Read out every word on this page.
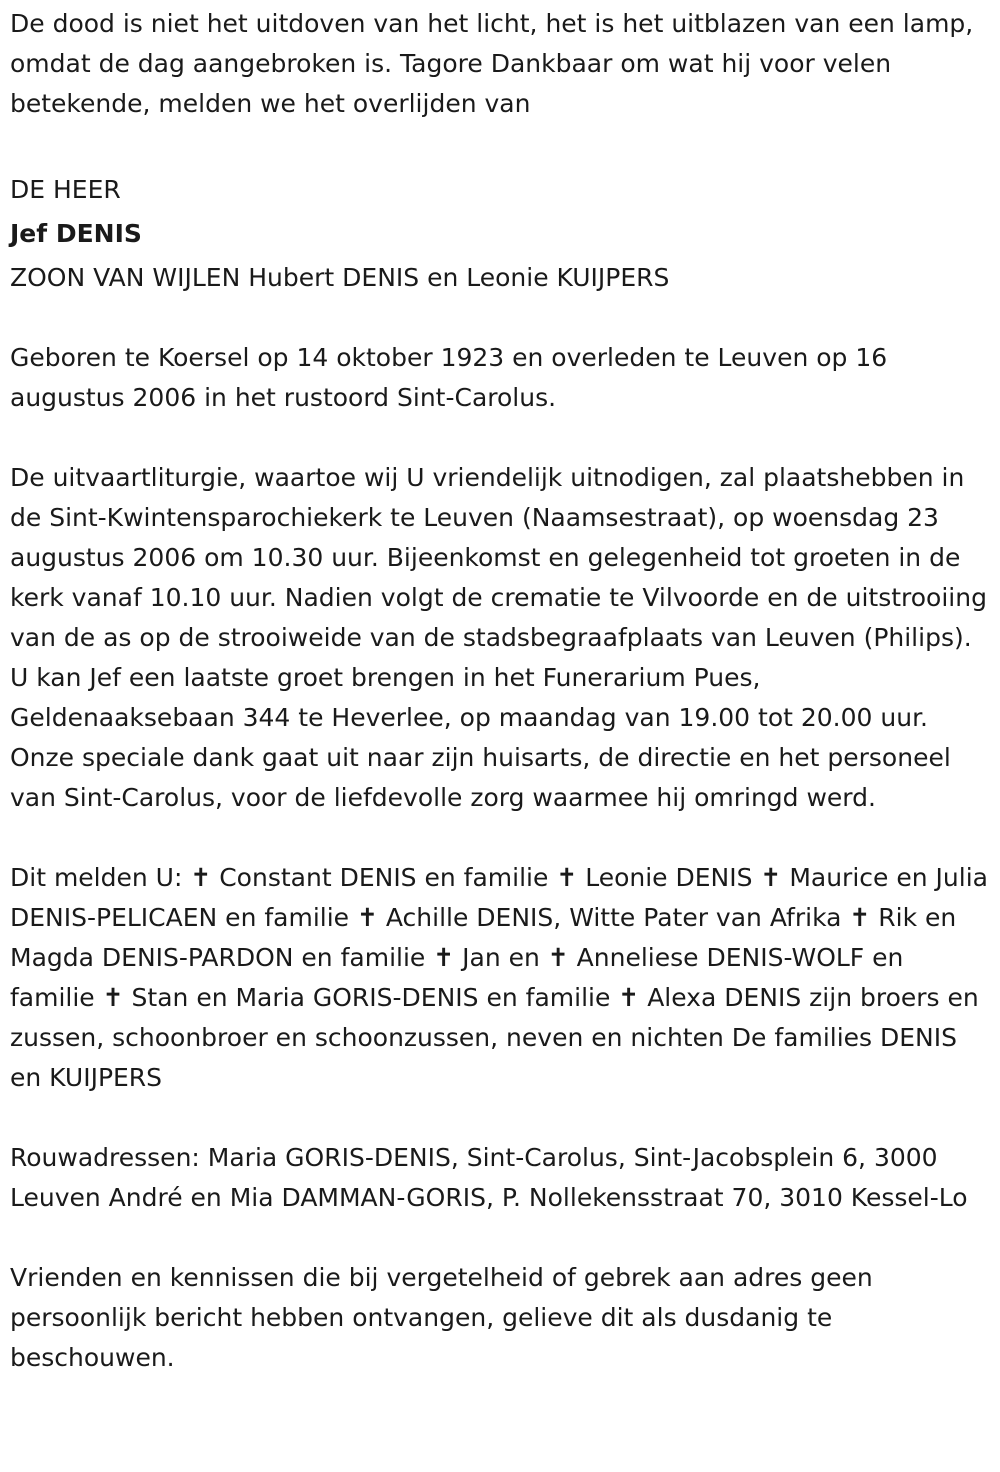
De dood is niet het uitdoven van het licht, het is het uitblazen van een lamp, omdat de dag aangebroken is. Tagore Dankbaar om wat hij voor velen betekende, melden we het overlijden van

DE HEER

Jef DENIS

ZOON VAN WIJLEN Hubert DENIS en Leonie KUIJPERS

Geboren te Koersel op 14 oktober 1923 en overleden te Leuven op 16 augustus 2006 in het rustoord Sint-Carolus.

De uitvaartliturgie, waartoe wij U vriendelijk uitnodigen, zal plaatshebben in de Sint-Kwintensparochiekerk te Leuven (Naamsestraat), op woensdag 23 augustus 2006 om 10.30 uur. Bijeenkomst en gelegenheid tot groeten in de kerk vanaf 10.10 uur. Nadien volgt de crematie te Vilvoorde en de uitstrooiing van de as op de strooiweide van de stadsbegraafplaats van Leuven (Philips). U kan Jef een laatste groet brengen in het Funerarium Pues, Geldenaaksebaan 344 te Heverlee, op maandag van 19.00 tot 20.00 uur. Onze speciale dank gaat uit naar zijn huisarts, de directie en het personeel van Sint-Carolus, voor de liefdevolle zorg waarmee hij omringd werd.

Dit melden U: ✝ Constant DENIS en familie ✝ Leonie DENIS ✝ Maurice en Julia DENIS-PELICAEN en familie ✝ Achille DENIS, Witte Pater van Afrika ✝ Rik en Magda DENIS-PARDON en familie ✝ Jan en ✝ Anneliese DENIS-WOLF en familie ✝ Stan en Maria GORIS-DENIS en familie ✝ Alexa DENIS zijn broers en zussen, schoonbroer en schoonzussen, neven en nichten De families DENIS en KUIJPERS

Rouwadressen: Maria GORIS-DENIS, Sint-Carolus, Sint-Jacobsplein 6, 3000 Leuven André en Mia DAMMAN-GORIS, P. Nollekensstraat 70, 3010 Kessel-Lo

Vrienden en kennissen die bij vergetelheid of gebrek aan adres geen persoonlijk bericht hebben ontvangen, gelieve dit als dusdanig te beschouwen.
